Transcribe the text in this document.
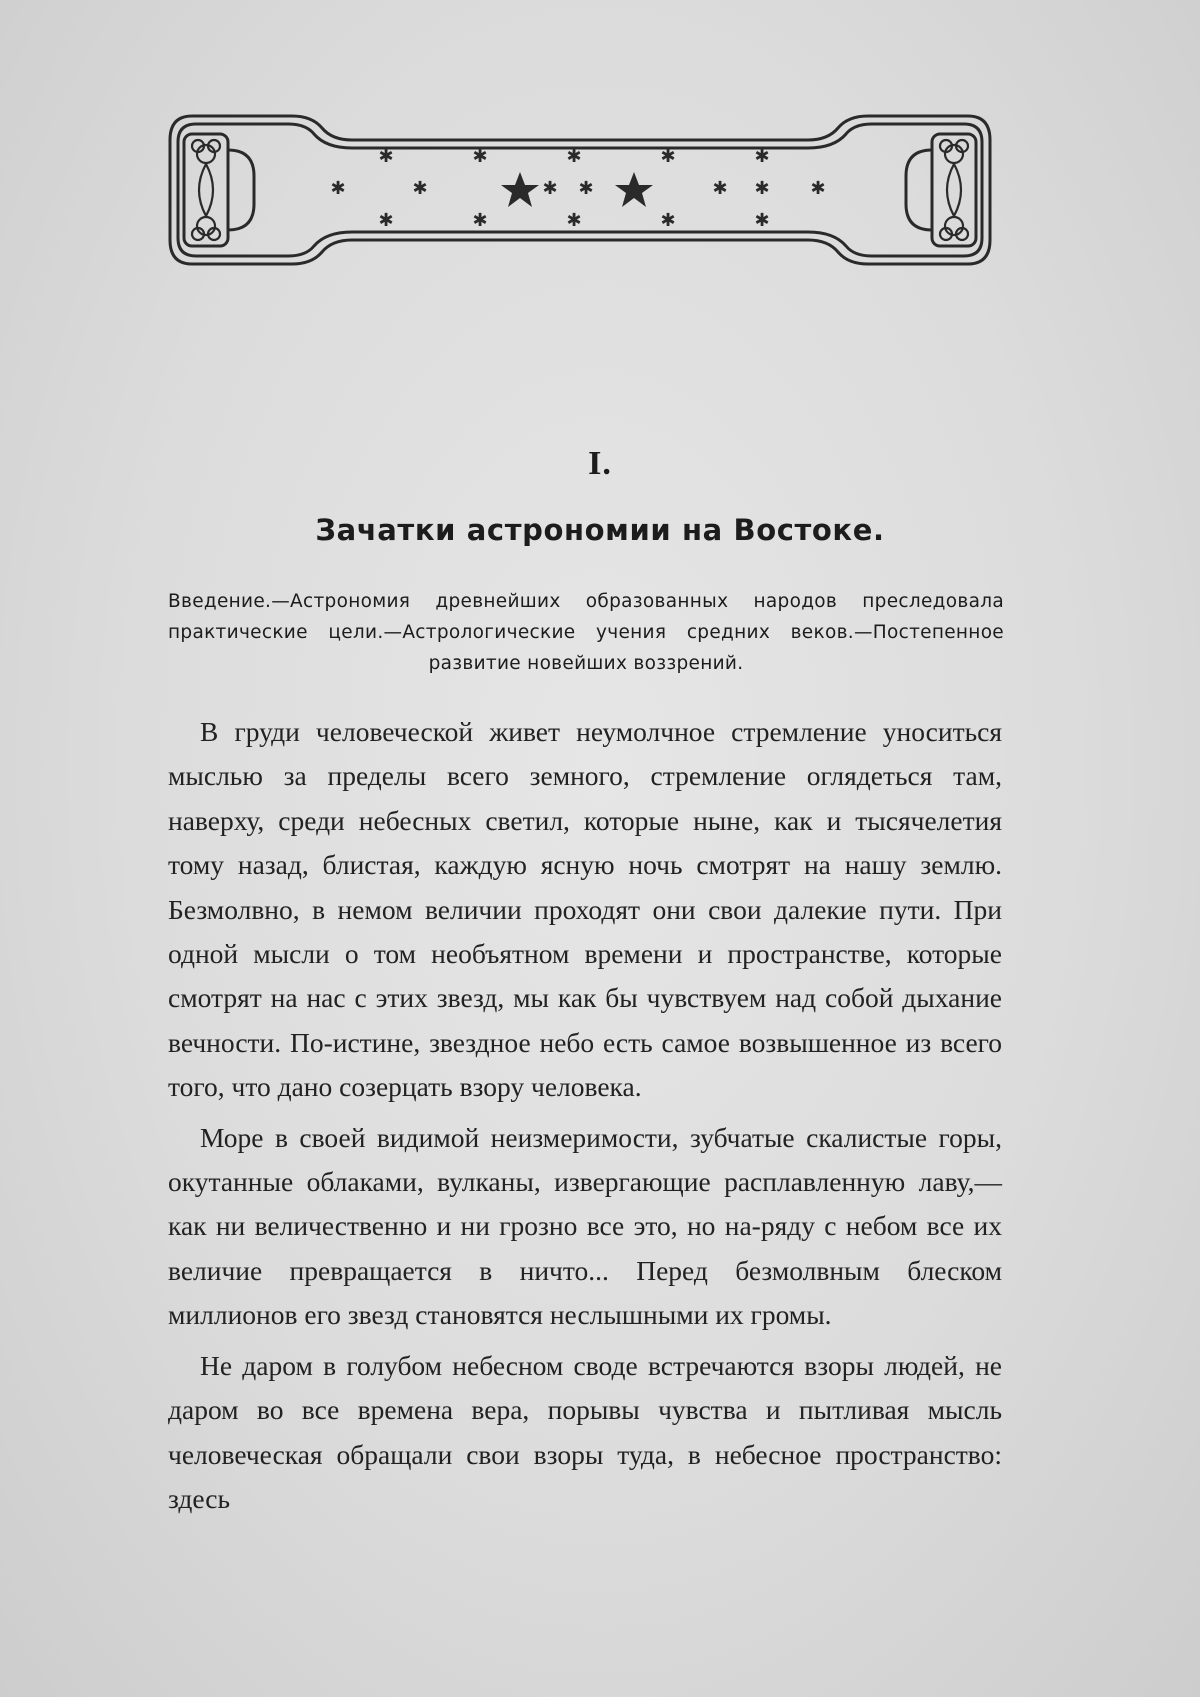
✱	✱	✱	✱	✱
✱	✱	✱ ✱	✱ ✱ ✱
✱	✱	✱	✱	✱
I.
Зачатки астрономии на Востоке.
Введение.—Астрономия древнейших образованных народов преследовала практические цели.—Астрологические учения средних веков.—Постепенное развитие новейших воззрений.

В груди человеческой живет неумолчное стремление уноситься мыслью за пределы всего земного, стремление оглядеться там, наверху, среди небесных светил, которые ныне, как и тысячелетия тому назад, блистая, каждую ясную ночь смотрят на нашу землю. Безмолвно, в немом величии проходят они свои далекие пути. При одной мысли о том необъятном времени и пространстве, которые смотрят на нас с этих звезд, мы как бы чувствуем над собой дыхание вечности. По-истине, звездное небо есть самое возвышенное из всего того, что дано созерцать взору человека.

Море в своей видимой неизмеримости, зубчатые скалистые горы, окутанные облаками, вулканы, извергающие расплавленную лаву,—как ни величественно и ни грозно все это, но на-ряду с небом все их величие превращается в ничто... Перед безмолвным блеском миллионов его звезд становятся неслышными их громы.

Не даром в голубом небесном своде встречаются взоры людей, не даром во все времена вера, порывы чувства и пытливая мысль человеческая обращали свои взоры туда, в небесное пространство: здесь
